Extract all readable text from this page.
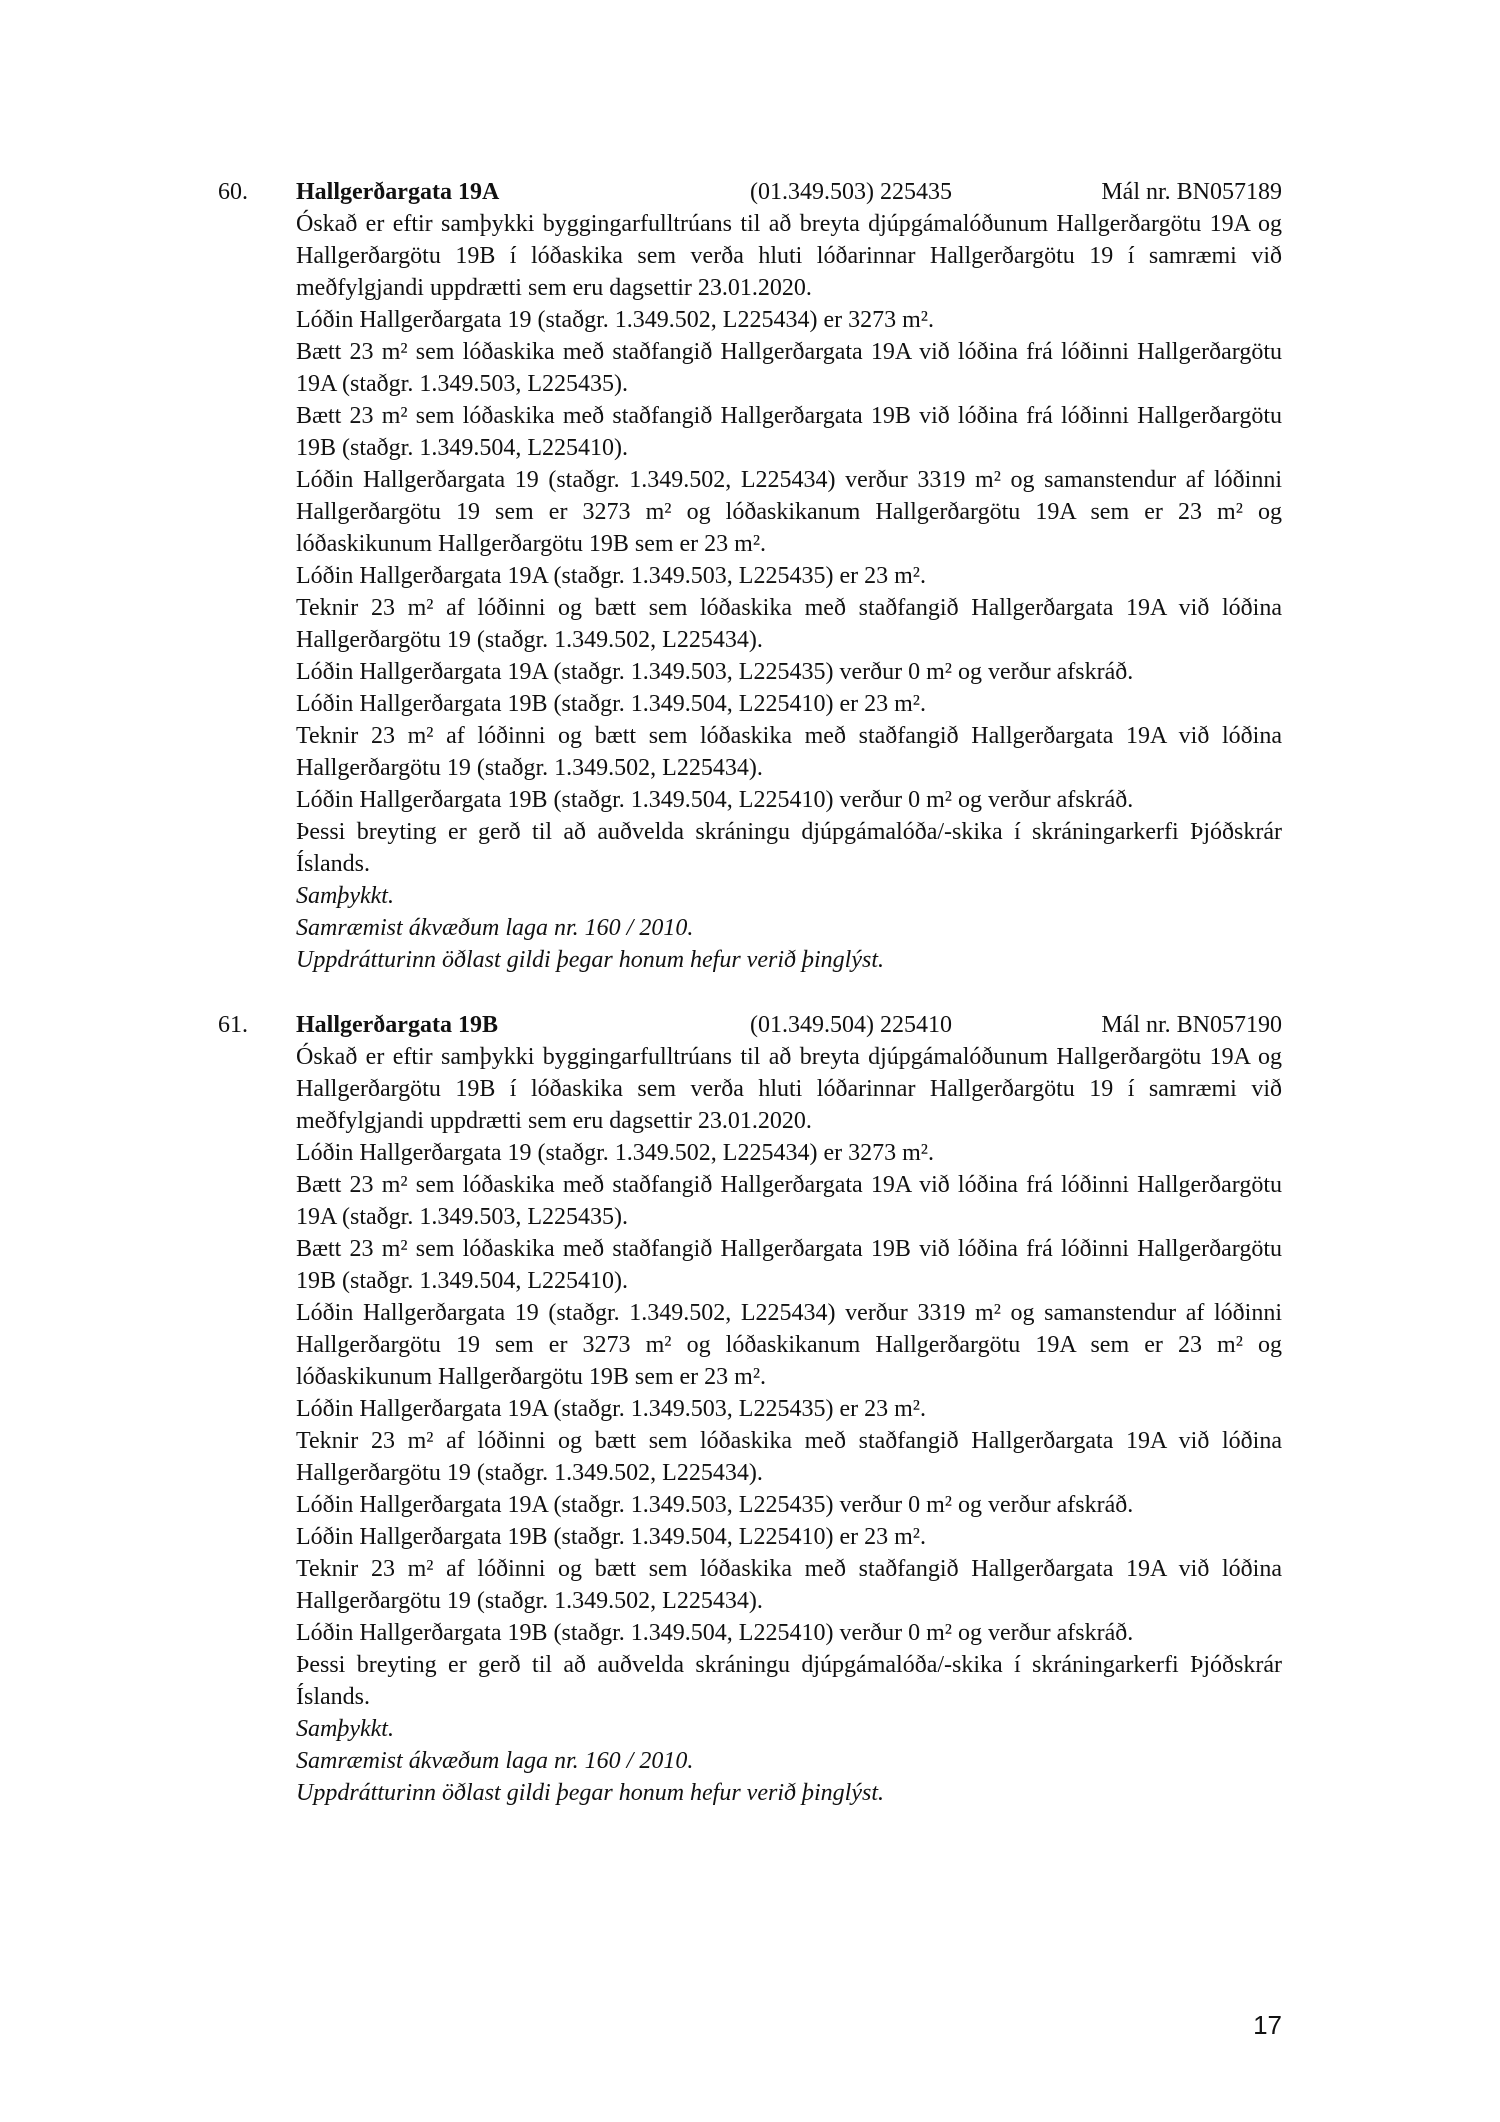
60. Hallgerðargata 19A	(01.349.503) 225435	Mál nr. BN057189

Óskað er eftir samþykki byggingarfulltrúans til að breyta djúpgámalóðunum Hallgerðargötu 19A og Hallgerðargötu 19B í lóðaskika sem verða hluti lóðarinnar Hallgerðargötu 19 í samræmi við meðfylgjandi uppdrætti sem eru dagsettir 23.01.2020.

Lóðin Hallgerðargata 19 (staðgr. 1.349.502, L225434) er 3273 m².

Bætt 23 m² sem lóðaskika með staðfangið Hallgerðargata 19A við lóðina frá lóðinni Hallgerðargötu 19A (staðgr. 1.349.503, L225435).

Bætt 23 m² sem lóðaskika með staðfangið Hallgerðargata 19B við lóðina frá lóðinni Hallgerðargötu 19B (staðgr. 1.349.504, L225410).

Lóðin Hallgerðargata 19 (staðgr. 1.349.502, L225434) verður 3319 m² og samanstendur af lóðinni Hallgerðargötu 19 sem er 3273 m² og lóðaskikanum Hallgerðargötu 19A sem er 23 m² og lóðaskikunum Hallgerðargötu 19B sem er 23 m².

Lóðin Hallgerðargata 19A (staðgr. 1.349.503, L225435) er 23 m².

Teknir 23 m² af lóðinni og bætt sem lóðaskika með staðfangið Hallgerðargata 19A við lóðina Hallgerðargötu 19 (staðgr. 1.349.502, L225434).

Lóðin Hallgerðargata 19A (staðgr. 1.349.503, L225435) verður 0 m² og verður afskráð.

Lóðin Hallgerðargata 19B (staðgr. 1.349.504, L225410) er 23 m².

Teknir 23 m² af lóðinni og bætt sem lóðaskika með staðfangið Hallgerðargata 19A við lóðina Hallgerðargötu 19 (staðgr. 1.349.502, L225434).

Lóðin Hallgerðargata 19B (staðgr. 1.349.504, L225410) verður 0 m² og verður afskráð.

Þessi breyting er gerð til að auðvelda skráningu djúpgámalóða/-skika í skráningarkerfi Þjóðskrár Íslands.

Samþykkt.

Samræmist ákvæðum laga nr. 160 / 2010.

Uppdrátturinn öðlast gildi þegar honum hefur verið þinglýst.

61. Hallgerðargata 19B	(01.349.504) 225410	Mál nr. BN057190

Óskað er eftir samþykki byggingarfulltrúans til að breyta djúpgámalóðunum Hallgerðargötu 19A og Hallgerðargötu 19B í lóðaskika sem verða hluti lóðarinnar Hallgerðargötu 19 í samræmi við meðfylgjandi uppdrætti sem eru dagsettir 23.01.2020.

Lóðin Hallgerðargata 19 (staðgr. 1.349.502, L225434) er 3273 m².

Bætt 23 m² sem lóðaskika með staðfangið Hallgerðargata 19A við lóðina frá lóðinni Hallgerðargötu 19A (staðgr. 1.349.503, L225435).

Bætt 23 m² sem lóðaskika með staðfangið Hallgerðargata 19B við lóðina frá lóðinni Hallgerðargötu 19B (staðgr. 1.349.504, L225410).

Lóðin Hallgerðargata 19 (staðgr. 1.349.502, L225434) verður 3319 m² og samanstendur af lóðinni Hallgerðargötu 19 sem er 3273 m² og lóðaskikanum Hallgerðargötu 19A sem er 23 m² og lóðaskikunum Hallgerðargötu 19B sem er 23 m².

Lóðin Hallgerðargata 19A (staðgr. 1.349.503, L225435) er 23 m².

Teknir 23 m² af lóðinni og bætt sem lóðaskika með staðfangið Hallgerðargata 19A við lóðina Hallgerðargötu 19 (staðgr. 1.349.502, L225434).

Lóðin Hallgerðargata 19A (staðgr. 1.349.503, L225435) verður 0 m² og verður afskráð.

Lóðin Hallgerðargata 19B (staðgr. 1.349.504, L225410) er 23 m².

Teknir 23 m² af lóðinni og bætt sem lóðaskika með staðfangið Hallgerðargata 19A við lóðina Hallgerðargötu 19 (staðgr. 1.349.502, L225434).

Lóðin Hallgerðargata 19B (staðgr. 1.349.504, L225410) verður 0 m² og verður afskráð.

Þessi breyting er gerð til að auðvelda skráningu djúpgámalóða/-skika í skráningarkerfi Þjóðskrár Íslands.

Samþykkt.

Samræmist ákvæðum laga nr. 160 / 2010.

Uppdrátturinn öðlast gildi þegar honum hefur verið þinglýst.

17
